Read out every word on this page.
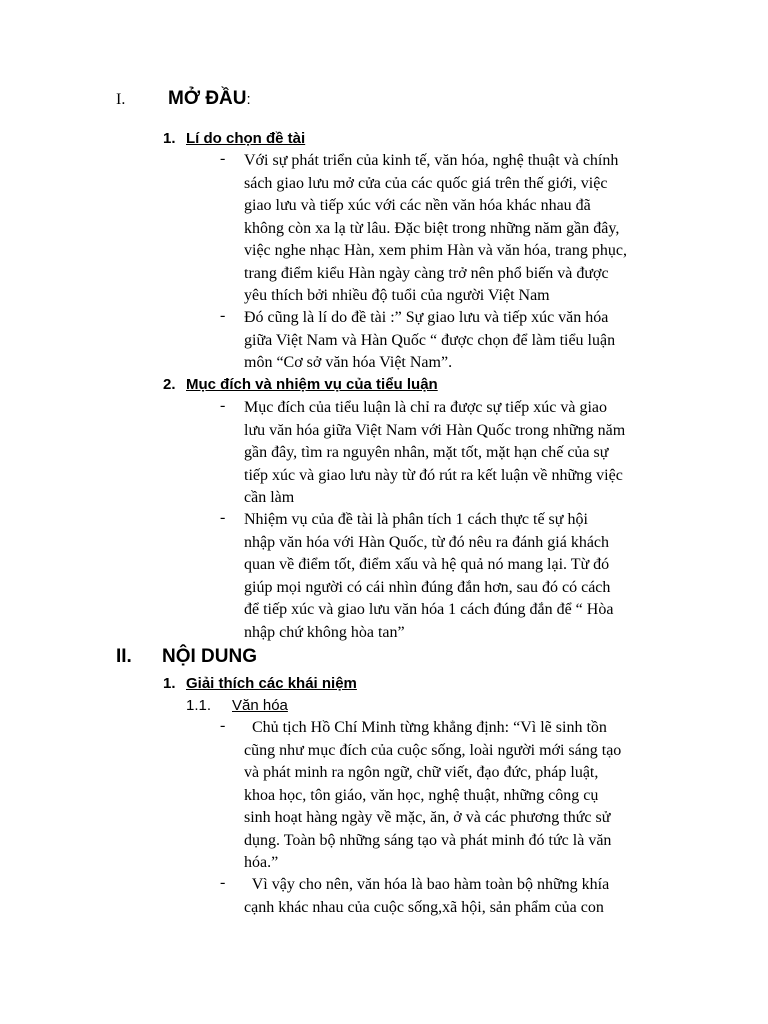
I. MỞ ĐẦU:
1. Lí do chọn đề tài
- Với sự phát triển của kinh tế, văn hóa, nghệ thuật và chính
sách giao lưu mở cửa của các quốc giá trên thế giới, việc
giao lưu và tiếp xúc với các nền văn hóa khác nhau đã
không còn xa lạ từ lâu. Đặc biệt trong những năm gần đây,
việc nghe nhạc Hàn, xem phim Hàn và văn hóa, trang phục,
trang điểm kiểu Hàn ngày càng trở nên phổ biến và được
yêu thích bởi nhiều độ tuổi của người Việt Nam
- Đó cũng là lí do đề tài :” Sự giao lưu và tiếp xúc văn hóa
giữa Việt Nam và Hàn Quốc “ được chọn để làm tiểu luận
môn “Cơ sở văn hóa Việt Nam”.
2. Mục đích và nhiệm vụ của tiểu luận
- Mục đích của tiểu luận là chỉ ra được sự tiếp xúc và giao
lưu văn hóa giữa Việt Nam với Hàn Quốc trong những năm
gần đây, tìm ra nguyên nhân, mặt tốt, mặt hạn chế của sự
tiếp xúc và giao lưu này từ đó rút ra kết luận về những việc
cần làm
- Nhiệm vụ của đề tài là phân tích 1 cách thực tế sự hội
nhập văn hóa với Hàn Quốc, từ đó nêu ra đánh giá khách
quan về điểm tốt, điểm xấu và hệ quả nó mang lại. Từ đó
giúp mọi người có cái nhìn đúng đắn hơn, sau đó có cách
để tiếp xúc và giao lưu văn hóa 1 cách đúng đắn để “ Hòa
nhập chứ không hòa tan”
II. NỘI DUNG
1. Giải thích các khái niệm
1.1. Văn hóa
- Chủ tịch Hồ Chí Minh từng khẳng định: “Vì lẽ sinh tồn
cũng như mục đích của cuộc sống, loài người mới sáng tạo
và phát minh ra ngôn ngữ, chữ viết, đạo đức, pháp luật,
khoa học, tôn giáo, văn học, nghệ thuật, những công cụ
sinh hoạt hàng ngày về mặc, ăn, ở và các phương thức sử
dụng. Toàn bộ những sáng tạo và phát minh đó tức là văn
hóa.”
- Vì vậy cho nên, văn hóa là bao hàm toàn bộ những khía
cạnh khác nhau của cuộc sống,xã hội, sản phẩm của con
